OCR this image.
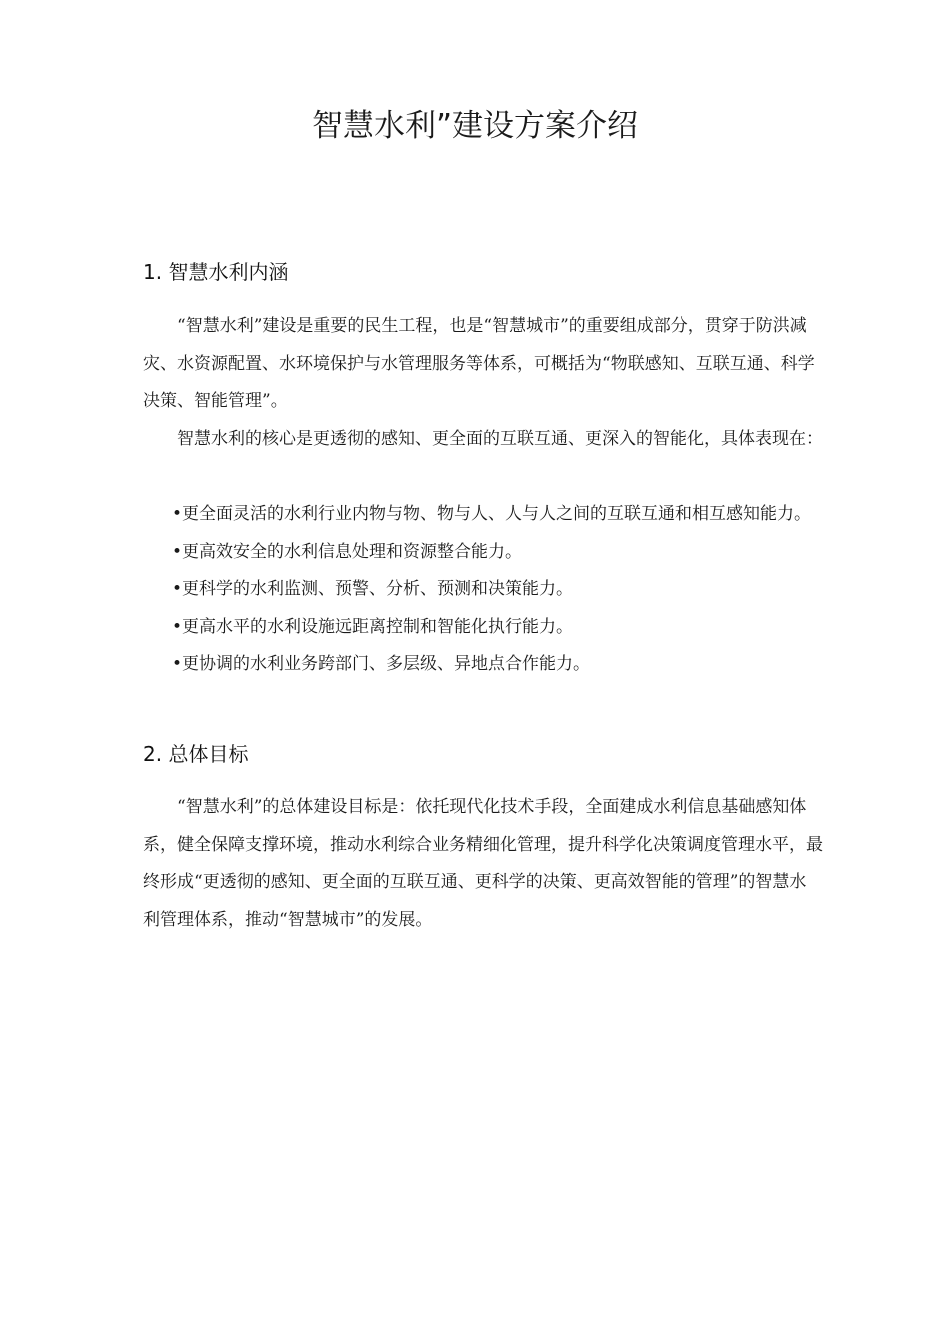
智慧水利”建设方案介绍
1. 智慧水利内涵

“智慧水利”建设是重要的民生工程，也是“智慧城市”的重要组成部分，贯穿于防洪减灾、水资源配置、水环境保护与水管理服务等体系，可概括为“物联感知、互联互通、科学决策、智能管理”。

智慧水利的核心是更透彻的感知、更全面的互联互通、更深入的智能化，具体表现在：

•更全面灵活的水利行业内物与物、物与人、人与人之间的互联互通和相互感知能力。
•更高效安全的水利信息处理和资源整合能力。
•更科学的水利监测、预警、分析、预测和决策能力。
•更高水平的水利设施远距离控制和智能化执行能力。
•更协调的水利业务跨部门、多层级、异地点合作能力。
2. 总体目标

“智慧水利”的总体建设目标是：依托现代化技术手段，全面建成水利信息基础感知体系，健全保障支撑环境，推动水利综合业务精细化管理，提升科学化决策调度管理水平，最终形成“更透彻的感知、更全面的互联互通、更科学的决策、更高效智能的管理”的智慧水利管理体系，推动“智慧城市”的发展。
